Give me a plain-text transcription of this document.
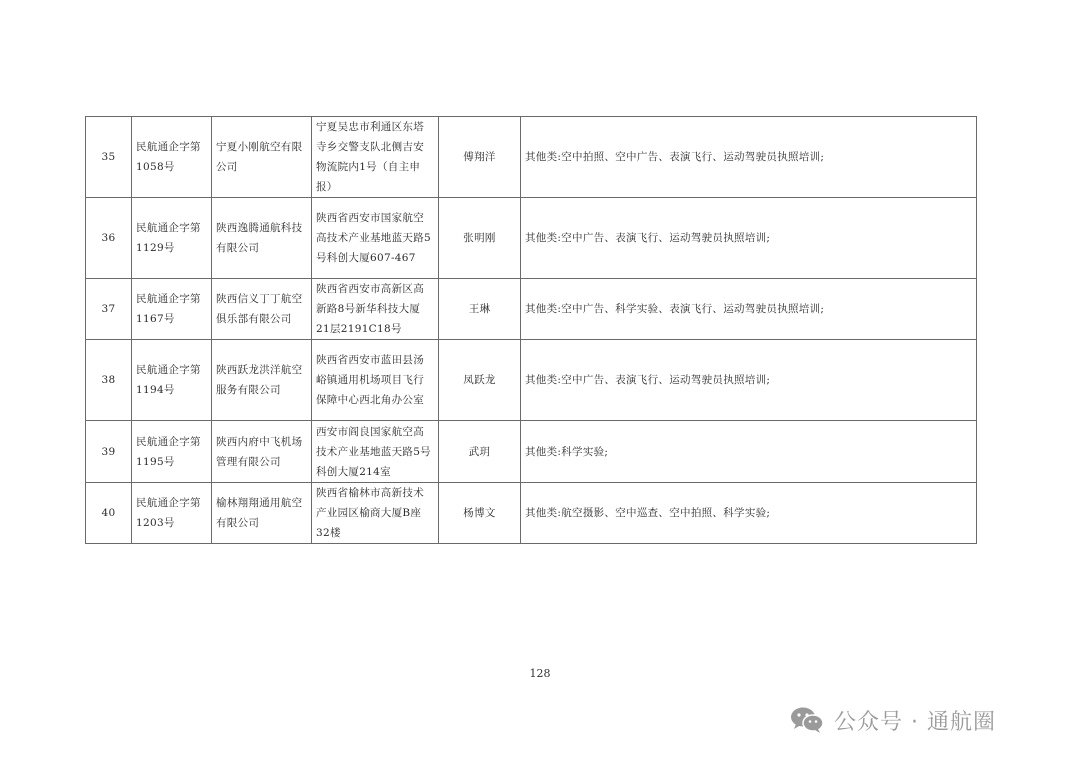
35	民航通企字第1058号	宁夏小刚航空有限公司	宁夏吴忠市利通区东塔寺乡交警支队北侧吉安物流院内1号（自主申报）	傅翔洋	其他类:空中拍照、空中广告、表演飞行、运动驾驶员执照培训;
36	民航通企字第1129号	陕西逸腾通航科技有限公司	陕西省西安市国家航空高技术产业基地蓝天路5号科创大厦607-467	张明刚	其他类:空中广告、表演飞行、运动驾驶员执照培训;
37	民航通企字第1167号	陕西信义丁丁航空俱乐部有限公司	陕西省西安市高新区高新路8号新华科技大厦21层2191C18号	王琳	其他类:空中广告、科学实验、表演飞行、运动驾驶员执照培训;
38	民航通企字第1194号	陕西跃龙洪洋航空服务有限公司	陕西省西安市蓝田县汤峪镇通用机场项目飞行保障中心西北角办公室	凤跃龙	其他类:空中广告、表演飞行、运动驾驶员执照培训;
39	民航通企字第1195号	陕西内府中飞机场管理有限公司	西安市阎良国家航空高技术产业基地蓝天路5号科创大厦214室	武玥	其他类:科学实验;
40	民航通企字第1203号	榆林翔翔通用航空有限公司	陕西省榆林市高新技术产业园区榆商大厦B座32楼	杨博文	其他类:航空摄影、空中巡查、空中拍照、科学实验;
128
公众号 · 通航圈
